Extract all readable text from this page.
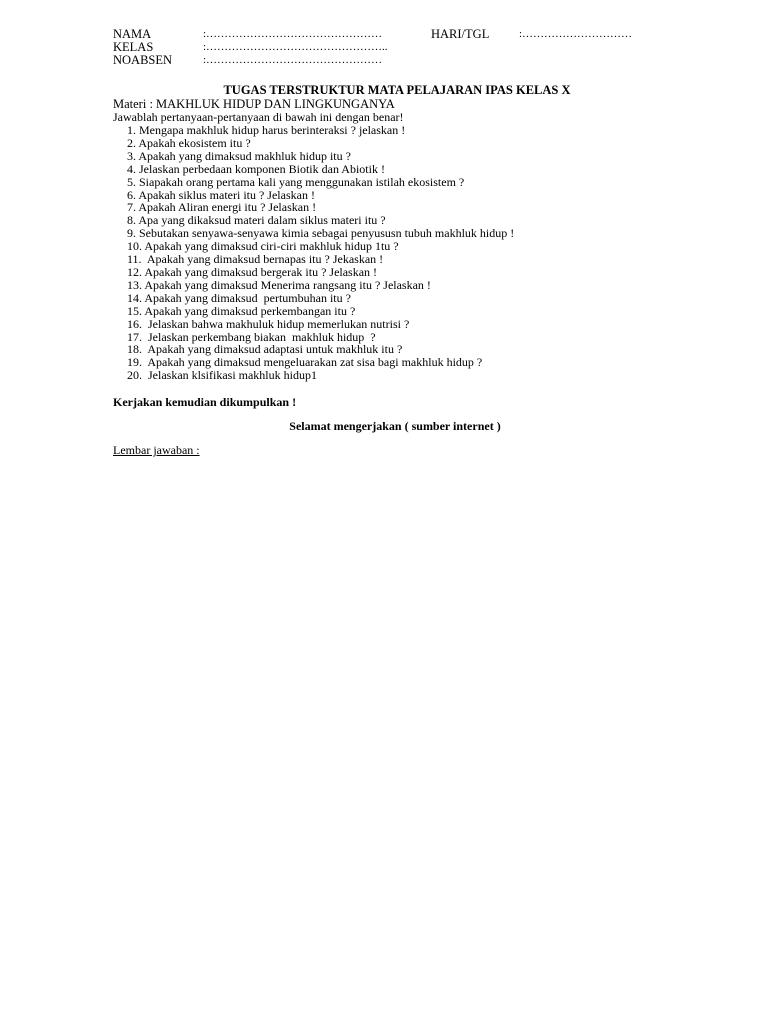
NAMA	:…………………………………………	HARI/TGL	:…………………………
KELAS	:…………………………………………..
NOABSEN	:…………………………………………
TUGAS TERSTRUKTUR MATA PELAJARAN IPAS KELAS X
Materi : MAKHLUK HIDUP DAN LINGKUNGANYA
Jawablah pertanyaan-pertanyaan di bawah ini dengan benar!
1. Mengapa makhluk hidup harus berinteraksi ? jelaskan !
2. Apakah ekosistem itu ?
3. Apakah yang dimaksud makhluk hidup itu ?
4. Jelaskan perbedaan komponen Biotik dan Abiotik !
5. Siapakah orang pertama kali yang menggunakan istilah ekosistem ?
6. Apakah siklus materi itu ? Jelaskan !
7. Apakah Aliran energi itu ? Jelaskan !
8. Apa yang dikaksud materi dalam siklus materi itu ?
9. Sebutakan senyawa-senyawa kimia sebagai penyususn tubuh makhluk hidup !
10. Apakah yang dimaksud ciri-ciri makhluk hidup 1tu ?
11.  Apakah yang dimaksud bernapas itu ? Jekaskan !
12. Apakah yang dimaksud bergerak itu ? Jelaskan !
13. Apakah yang dimaksud Menerima rangsang itu ? Jelaskan !
14. Apakah yang dimaksud  pertumbuhan itu ?
15. Apakah yang dimaksud perkembangan itu ?
16.  Jelaskan bahwa makhuluk hidup memerlukan nutrisi ?
17.  Jelaskan perkembang biakan  makhluk hidup  ?
18.  Apakah yang dimaksud adaptasi untuk makhluk itu ?
19.  Apakah yang dimaksud mengeluarakan zat sisa bagi makhluk hidup ?
20.  Jelaskan klsifikasi makhluk hidup1
Kerjakan kemudian dikumpulkan !
Selamat mengerjakan ( sumber internet )
Lembar jawaban :
